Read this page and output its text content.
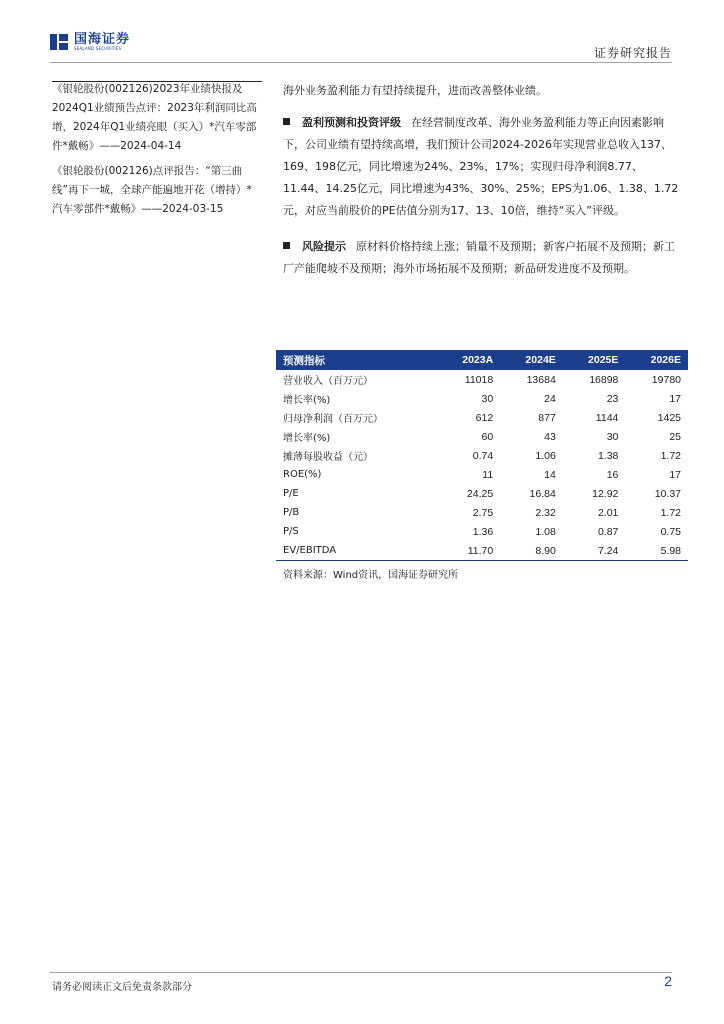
国海证券
SEALAND SECURITIES	证券研究报告

《银轮股份(002126)2023年业绩快报及2024Q1业绩预告点评：2023年利润同比高增，2024年Q1业绩亮眼（买入）*汽车零部件*戴畅》——2024-04-14

《银轮股份(002126)点评报告：“第三曲线”再下一城，全球产能遍地开花（增持）*汽车零部件*戴畅》——2024-03-15

海外业务盈利能力有望持续提升，进而改善整体业绩。

盈利预测和投资评级 在经营制度改革、海外业务盈利能力等正向因素影响下，公司业绩有望持续高增，我们预计公司2024-2026年实现营业总收入137、169、198亿元，同比增速为24%、23%、17%；实现归母净利润8.77、11.44、14.25亿元，同比增速为43%、30%、25%；EPS为1.06、1.38、1.72元，对应当前股价的PE估值分别为17、13、10倍，维持“买入”评级。
风险提示 原材料价格持续上涨；销量不及预期；新客户拓展不及预期；新工厂产能爬坡不及预期；海外市场拓展不及预期；新品研发进度不及预期。
预测指标	2023A	2024E	2025E	2026E
营业收入（百万元）	11018	13684	16898	19780
增长率(%)	30	24	23	17
归母净利润（百万元）	612	877	1144	1425
增长率(%)	60	43	30	25
摊薄每股收益（元）	0.74	1.06	1.38	1.72
ROE(%)	11	14	16	17
P/E	24.25	16.84	12.92	10.37
P/B	2.75	2.32	2.01	1.72
P/S	1.36	1.08	0.87	0.75
EV/EBITDA	11.70	8.90	7.24	5.98
资料来源：Wind资讯，国海证券研究所
请务必阅读正文后免责条款部分	2
